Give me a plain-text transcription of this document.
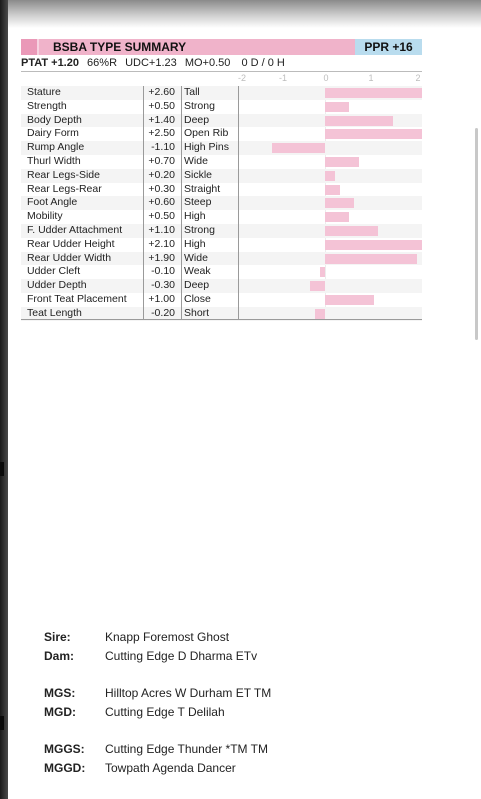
BSBA TYPE SUMMARY	PPR +16
PTAT +1.20 66%R UDC+1.23 MO+0.50 0 D / 0 H
-2	-1	0	1	2
Stature	+2.60 Tall
Strength	+0.50 Strong
Body Depth	+1.40 Deep
Dairy Form	+2.50 Open Rib
Rump Angle	-1.10 High Pins
Thurl Width	+0.70 Wide
Rear Legs-Side	+0.20 Sickle
Rear Legs-Rear	+0.30 Straight
Foot Angle	+0.60 Steep
Mobility	+0.50 High
F. Udder Attachment	+1.10 Strong
Rear Udder Height	+2.10 High
Rear Udder Width	+1.90 Wide
Udder Cleft	-0.10 Weak
Udder Depth	-0.30 Deep
Front Teat Placement	+1.00 Close
Teat Length	-0.20 Short
Sire:	Knapp Foremost Ghost
Dam:	Cutting Edge D Dharma ETv
MGS: Hilltop Acres W Durham ET TM
MGD: Cutting Edge T Delilah
MGGS: Cutting Edge Thunder *TM TM
MGGD: Towpath Agenda Dancer
